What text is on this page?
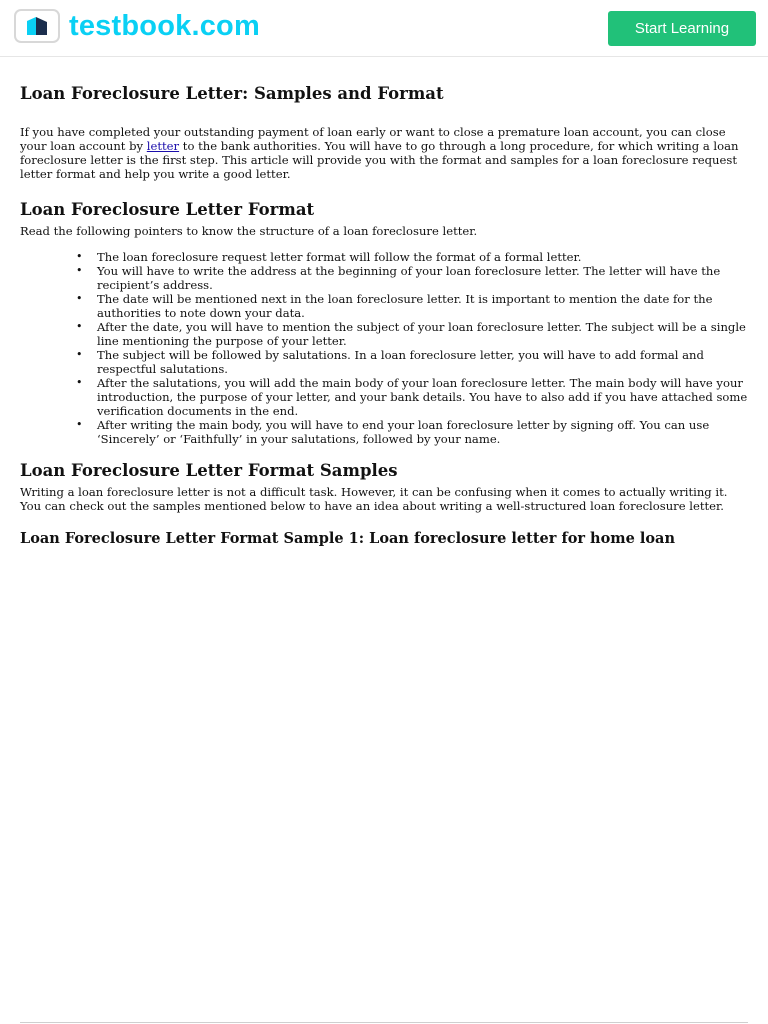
testbook.com	Start Learning
Loan Foreclosure Letter: Samples and Format

If you have completed your outstanding payment of loan early or want to close a premature loan account, you can close your loan account by letter to the bank authorities. You will have to go through a long procedure, for which writing a loan foreclosure letter is the first step. This article will provide you with the format and samples for a loan foreclosure request letter format and help you write a good letter.

Loan Foreclosure Letter Format

Read the following pointers to know the structure of a loan foreclosure letter.

• The loan foreclosure request letter format will follow the format of a formal letter.
• You will have to write the address at the beginning of your loan foreclosure letter. The letter will have the recipient’s address.
• The date will be mentioned next in the loan foreclosure letter. It is important to mention the date for the authorities to note down your data.
• After the date, you will have to mention the subject of your loan foreclosure letter. The subject will be a single line mentioning the purpose of your letter.
• The subject will be followed by salutations. In a loan foreclosure letter, you will have to add formal and respectful salutations.
• After the salutations, you will add the main body of your loan foreclosure letter. The main body will have your introduction, the purpose of your letter, and your bank details. You have to also add if you have attached some verification documents in the end.
• After writing the main body, you will have to end your loan foreclosure letter by signing off. You can use ‘Sincerely’ or ‘Faithfully’ in your salutations, followed by your name.
Loan Foreclosure Letter Format Samples

Writing a loan foreclosure letter is not a difficult task. However, it can be confusing when it comes to actually writing it. You can check out the samples mentioned below to have an idea about writing a well-structured loan foreclosure letter.

Loan Foreclosure Letter Format Sample 1: Loan foreclosure letter for home loan
